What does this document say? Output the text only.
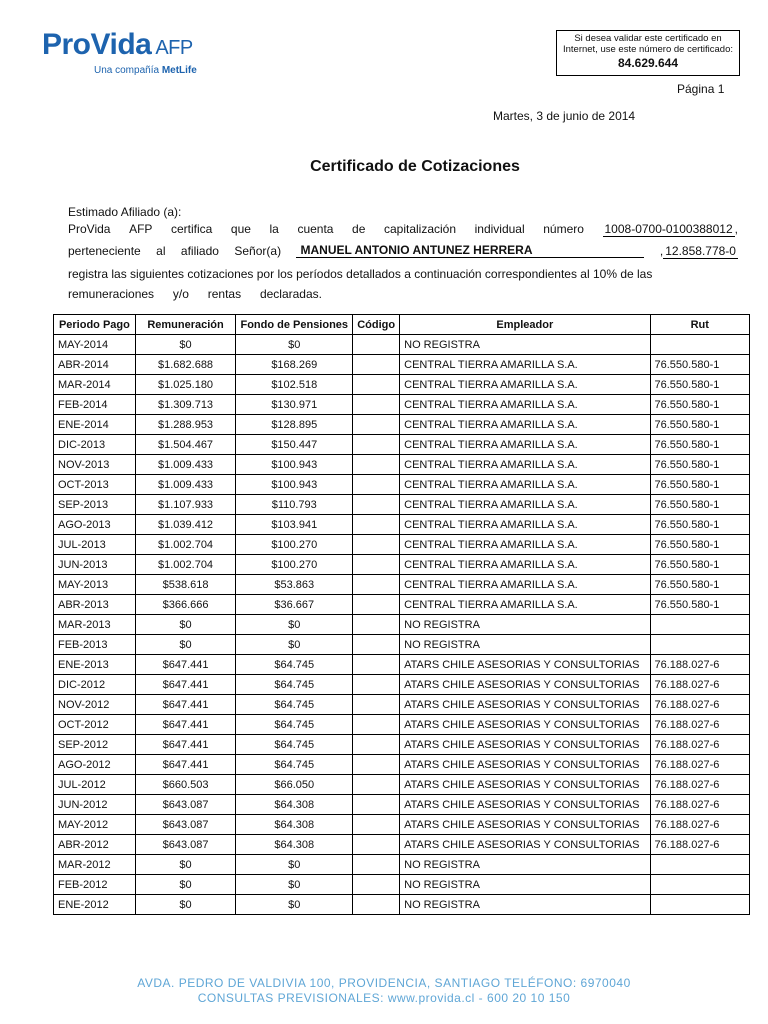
ProVida AFP
Una compañía MetLife
Si desea validar este certificado en
Internet, use este número de certificado:
84.629.644
Página 1
Martes, 3 de junio de 2014
Certificado de Cotizaciones
Estimado Afiliado (a):
ProVida AFP certifica que la cuenta de capitalización individual número 1008-0700-0100388012 ,
perteneciente al afiliado Señor(a)	MANUEL ANTONIO ANTUNEZ HERRERA	, 12.858.778-0
registra las siguientes cotizaciones por los períodos detallados a continuación correspondientes al 10% de las
remuneraciones y/o rentas declaradas.
Periodo Pago	Remuneración	Fondo de Pensiones	Código	Empleador	Rut
MAY-2014	$0	$0		NO REGISTRA	
ABR-2014	$1.682.688	$168.269		CENTRAL TIERRA AMARILLA S.A.	76.550.580-1
MAR-2014	$1.025.180	$102.518		CENTRAL TIERRA AMARILLA S.A.	76.550.580-1
FEB-2014	$1.309.713	$130.971		CENTRAL TIERRA AMARILLA S.A.	76.550.580-1
ENE-2014	$1.288.953	$128.895		CENTRAL TIERRA AMARILLA S.A.	76.550.580-1
DIC-2013	$1.504.467	$150.447		CENTRAL TIERRA AMARILLA S.A.	76.550.580-1
NOV-2013	$1.009.433	$100.943		CENTRAL TIERRA AMARILLA S.A.	76.550.580-1
OCT-2013	$1.009.433	$100.943		CENTRAL TIERRA AMARILLA S.A.	76.550.580-1
SEP-2013	$1.107.933	$110.793		CENTRAL TIERRA AMARILLA S.A.	76.550.580-1
AGO-2013	$1.039.412	$103.941		CENTRAL TIERRA AMARILLA S.A.	76.550.580-1
JUL-2013	$1.002.704	$100.270		CENTRAL TIERRA AMARILLA S.A.	76.550.580-1
JUN-2013	$1.002.704	$100.270		CENTRAL TIERRA AMARILLA S.A.	76.550.580-1
MAY-2013	$538.618	$53.863		CENTRAL TIERRA AMARILLA S.A.	76.550.580-1
ABR-2013	$366.666	$36.667		CENTRAL TIERRA AMARILLA S.A.	76.550.580-1
MAR-2013	$0	$0		NO REGISTRA	
FEB-2013	$0	$0		NO REGISTRA	
ENE-2013	$647.441	$64.745		ATARS CHILE ASESORIAS Y CONSULTORIAS	76.188.027-6
DIC-2012	$647.441	$64.745		ATARS CHILE ASESORIAS Y CONSULTORIAS	76.188.027-6
NOV-2012	$647.441	$64.745		ATARS CHILE ASESORIAS Y CONSULTORIAS	76.188.027-6
OCT-2012	$647.441	$64.745		ATARS CHILE ASESORIAS Y CONSULTORIAS	76.188.027-6
SEP-2012	$647.441	$64.745		ATARS CHILE ASESORIAS Y CONSULTORIAS	76.188.027-6
AGO-2012	$647.441	$64.745		ATARS CHILE ASESORIAS Y CONSULTORIAS	76.188.027-6
JUL-2012	$660.503	$66.050		ATARS CHILE ASESORIAS Y CONSULTORIAS	76.188.027-6
JUN-2012	$643.087	$64.308		ATARS CHILE ASESORIAS Y CONSULTORIAS	76.188.027-6
MAY-2012	$643.087	$64.308		ATARS CHILE ASESORIAS Y CONSULTORIAS	76.188.027-6
ABR-2012	$643.087	$64.308		ATARS CHILE ASESORIAS Y CONSULTORIAS	76.188.027-6
MAR-2012	$0	$0		NO REGISTRA	
FEB-2012	$0	$0		NO REGISTRA	
ENE-2012	$0	$0		NO REGISTRA	
AVDA. PEDRO DE VALDIVIA 100, PROVIDENCIA, SANTIAGO TELÉFONO: 6970040
CONSULTAS PREVISIONALES: www.provida.cl - 600 20 10 150
